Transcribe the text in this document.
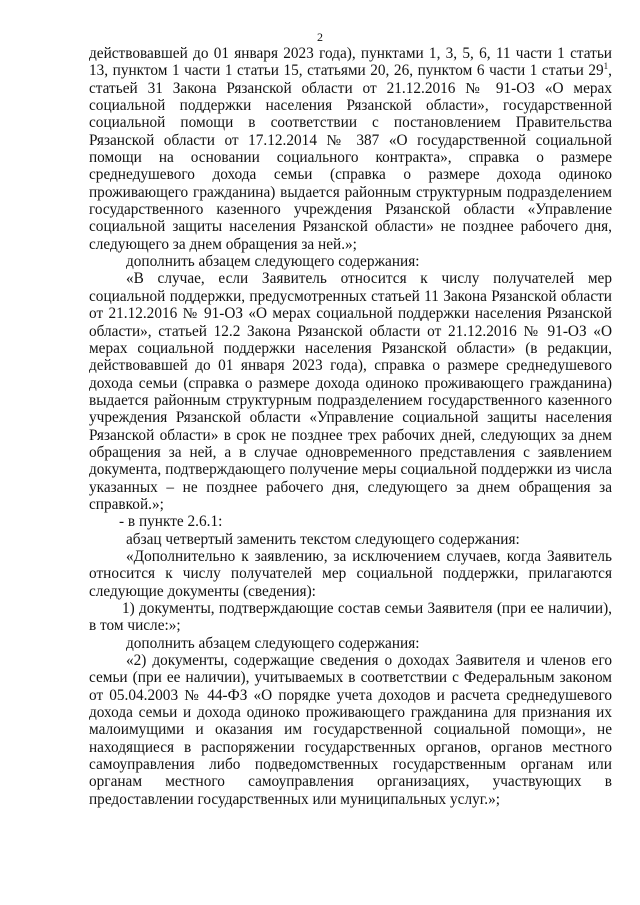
2

действовавшей до 01 января 2023 года), пунктами 1, 3, 5, 6, 11 части 1 статьи 13, пунктом 1 части 1 статьи 15, статьями 20, 26, пунктом 6 части 1 статьи $29^1$, статьей 31 Закона Рязанской области от 21.12.2016 № 91-ОЗ «О мерах социальной поддержки населения Рязанской области», государственной социальной помощи в соответствии с постановлением Правительства Рязанской области от 17.12.2014 № 387 «О государственной социальной помощи на основании социального контракта», справка о размере среднедушевого дохода семьи (справка о размере дохода одиноко проживающего гражданина) выдается районным структурным подразделением государственного казенного учреждения Рязанской области «Управление социальной защиты населения Рязанской области» не позднее рабочего дня, следующего за днем обращения за ней.»;

дополнить абзацем следующего содержания:

«В случае, если Заявитель относится к числу получателей мер социальной поддержки, предусмотренных статьей 11 Закона Рязанской области от 21.12.2016 № 91-ОЗ «О мерах социальной поддержки населения Рязанской области», статьей 12.2 Закона Рязанской области от 21.12.2016 № 91-ОЗ «О мерах социальной поддержки населения Рязанской области» (в редакции, действовавшей до 01 января 2023 года), справка о размере среднедушевого дохода семьи (справка о размере дохода одиноко проживающего гражданина) выдается районным структурным подразделением государственного казенного учреждения Рязанской области «Управление социальной защиты населения Рязанской области» в срок не позднее трех рабочих дней, следующих за днем обращения за ней, а в случае одновременного представления с заявлением документа, подтверждающего получение меры социальной поддержки из числа указанных – не позднее рабочего дня, следующего за днем обращения за справкой.»;

- в пункте 2.6.1:

абзац четвертый заменить текстом следующего содержания:

«Дополнительно к заявлению, за исключением случаев, когда Заявитель относится к числу получателей мер социальной поддержки, прилагаются следующие документы (сведения):

1) документы, подтверждающие состав семьи Заявителя (при ее наличии), в том числе:»;

дополнить абзацем следующего содержания:

«2) документы, содержащие сведения о доходах Заявителя и членов его семьи (при ее наличии), учитываемых в соответствии с Федеральным законом от 05.04.2003 № 44-ФЗ «О порядке учета доходов и расчета среднедушевого дохода семьи и дохода одиноко проживающего гражданина для признания их малоимущими и оказания им государственной социальной помощи», не находящиеся в распоряжении государственных органов, органов местного самоуправления либо подведомственных государственным органам или органам местного самоуправления организациях, участвующих в предоставлении государственных или муниципальных услуг.»;
